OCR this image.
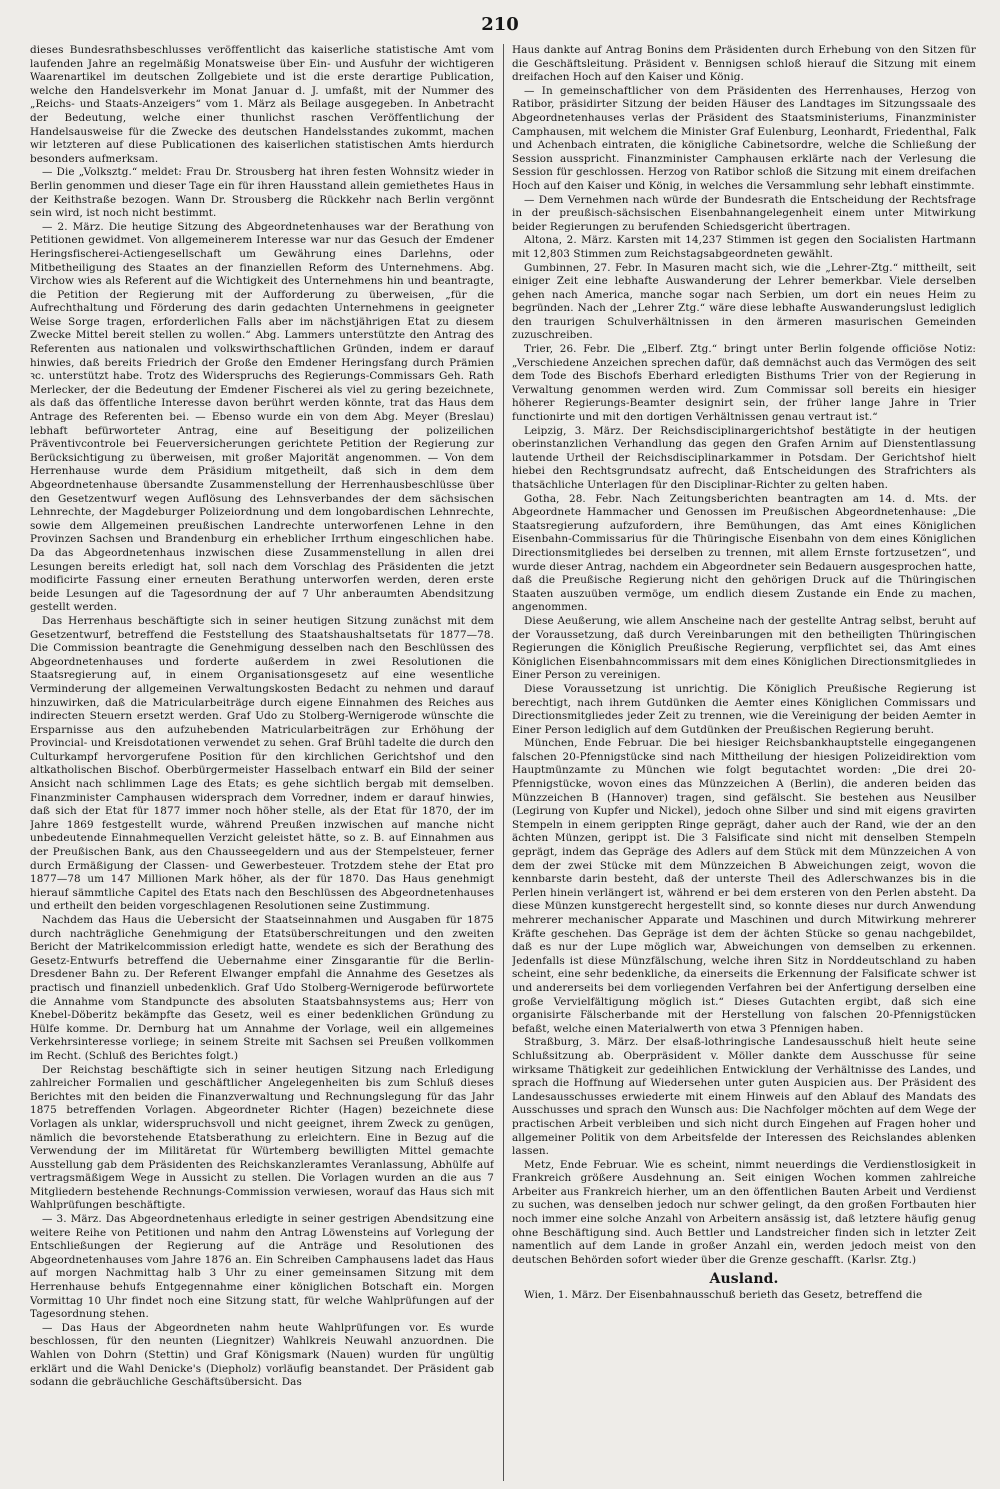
210

dieses Bundesrathsbeschlusses veröffentlicht das kaiserliche statistische Amt vom laufenden Jahre an regelmäßig Monatsweise über Ein- und Ausfuhr der wichtigeren Waarenartikel im deutschen Zollgebiete und ist die erste derartige Publication, welche den Handelsverkehr im Monat Januar d. J. umfaßt, mit der Nummer des „Reichs- und Staats-Anzeigers“ vom 1. März als Beilage ausgegeben. In Anbetracht der Bedeutung, welche einer thunlichst raschen Veröffentlichung der Handelsausweise für die Zwecke des deutschen Handelsstandes zukommt, machen wir letzteren auf diese Publicationen des kaiserlichen statistischen Amts hierdurch besonders aufmerksam.

— Die „Volksztg.“ meldet: Frau Dr. Strousberg hat ihren festen Wohnsitz wieder in Berlin genommen und dieser Tage ein für ihren Hausstand allein gemiethetes Haus in der Keithstraße bezogen. Wann Dr. Strousberg die Rückkehr nach Berlin vergönnt sein wird, ist noch nicht bestimmt.

— 2. März. Die heutige Sitzung des Abgeordnetenhauses war der Berathung von Petitionen gewidmet. Von allgemeinerem Interesse war nur das Gesuch der Emdener Heringsfischerei-Actiengesellschaft um Gewährung eines Darlehns, oder Mitbetheiligung des Staates an der finanziellen Reform des Unternehmens. Abg. Virchow wies als Referent auf die Wichtigkeit des Unternehmens hin und beantragte, die Petition der Regierung mit der Aufforderung zu überweisen, „für die Aufrechthaltung und Förderung des darin gedachten Unternehmens in geeigneter Weise Sorge tragen, erforderlichen Falls aber im nächstjährigen Etat zu diesem Zwecke Mittel bereit stellen zu wollen.“ Abg. Lammers unterstützte den Antrag des Referenten aus nationalen und volkswirthschaftlichen Gründen, indem er darauf hinwies, daß bereits Friedrich der Große den Emdener Heringsfang durch Prämien ꝛc. unterstützt habe. Trotz des Widerspruchs des Regierungs-Commissars Geh. Rath Merlecker, der die Bedeutung der Emdener Fischerei als viel zu gering bezeichnete, als daß das öffentliche Interesse davon berührt werden könnte, trat das Haus dem Antrage des Referenten bei. — Ebenso wurde ein von dem Abg. Meyer (Breslau) lebhaft befürworteter Antrag, eine auf Beseitigung der polizeilichen Präventivcontrole bei Feuerversicherungen gerichtete Petition der Regierung zur Berücksichtigung zu überweisen, mit großer Majorität angenommen. — Von dem Herrenhause wurde dem Präsidium mitgetheilt, daß sich in dem dem Abgeordnetenhause übersandte Zusammenstellung der Herrenhausbeschlüsse über den Gesetzentwurf wegen Auflösung des Lehnsverbandes der dem sächsischen Lehnrechte, der Magdeburger Polizeiordnung und dem longobardischen Lehnrechte, sowie dem Allgemeinen preußischen Landrechte unterworfenen Lehne in den Provinzen Sachsen und Brandenburg ein erheblicher Irrthum eingeschlichen habe. Da das Abgeordnetenhaus inzwischen diese Zusammenstellung in allen drei Lesungen bereits erledigt hat, soll nach dem Vorschlag des Präsidenten die jetzt modificirte Fassung einer erneuten Berathung unterworfen werden, deren erste beide Lesungen auf die Tagesordnung der auf 7 Uhr anberaumten Abendsitzung gestellt werden.

Das Herrenhaus beschäftigte sich in seiner heutigen Sitzung zunächst mit dem Gesetzentwurf, betreffend die Feststellung des Staatshaushaltsetats für 1877—78. Die Commission beantragte die Genehmigung desselben nach den Beschlüssen des Abgeordnetenhauses und forderte außerdem in zwei Resolutionen die Staatsregierung auf, in einem Organisationsgesetz auf eine wesentliche Verminderung der allgemeinen Verwaltungskosten Bedacht zu nehmen und darauf hinzuwirken, daß die Matricularbeiträge durch eigene Einnahmen des Reiches aus indirecten Steuern ersetzt werden. Graf Udo zu Stolberg-Wernigerode wünschte die Ersparnisse aus den aufzuhebenden Matricularbeiträgen zur Erhöhung der Provincial- und Kreisdotationen verwendet zu sehen. Graf Brühl tadelte die durch den Culturkampf hervorgerufene Position für den kirchlichen Gerichtshof und den altkatholischen Bischof. Oberbürgermeister Hasselbach entwarf ein Bild der seiner Ansicht nach schlimmen Lage des Etats; es gehe sichtlich bergab mit demselben. Finanzminister Camphausen widersprach dem Vorredner, indem er darauf hinwies, daß sich der Etat für 1877 immer noch höher stelle, als der Etat für 1870, der im Jahre 1869 festgestellt wurde, während Preußen inzwischen auf manche nicht unbedeutende Einnahmequellen Verzicht geleistet hätte, so z. B. auf Einnahmen aus der Preußischen Bank, aus den Chausseegeldern und aus der Stempelsteuer, ferner durch Ermäßigung der Classen- und Gewerbesteuer. Trotzdem stehe der Etat pro 1877—78 um 147 Millionen Mark höher, als der für 1870. Das Haus genehmigt hierauf sämmtliche Capitel des Etats nach den Beschlüssen des Abgeordnetenhauses und ertheilt den beiden vorgeschlagenen Resolutionen seine Zustimmung.

Nachdem das Haus die Uebersicht der Staatseinnahmen und Ausgaben für 1875 durch nachträgliche Genehmigung der Etatsüberschreitungen und den zweiten Bericht der Matrikelcommission erledigt hatte, wendete es sich der Berathung des Gesetz-Entwurfs betreffend die Uebernahme einer Zinsgarantie für die Berlin-Dresdener Bahn zu. Der Referent Elwanger empfahl die Annahme des Gesetzes als practisch und finanziell unbedenklich. Graf Udo Stolberg-Wernigerode befürwortete die Annahme vom Standpuncte des absoluten Staatsbahnsystems aus; Herr von Knebel-Döberitz bekämpfte das Gesetz, weil es einer bedenklichen Gründung zu Hülfe komme. Dr. Dernburg hat um Annahme der Vorlage, weil ein allgemeines Verkehrsinteresse vorliege; in seinem Streite mit Sachsen sei Preußen vollkommen im Recht. (Schluß des Berichtes folgt.)

Der Reichstag beschäftigte sich in seiner heutigen Sitzung nach Erledigung zahlreicher Formalien und geschäftlicher Angelegenheiten bis zum Schluß dieses Berichtes mit den beiden die Finanzverwaltung und Rechnungslegung für das Jahr 1875 betreffenden Vorlagen. Abgeordneter Richter (Hagen) bezeichnete diese Vorlagen als unklar, widerspruchsvoll und nicht geeignet, ihrem Zweck zu genügen, nämlich die bevorstehende Etatsberathung zu erleichtern. Eine in Bezug auf die Verwendung der im Militäretat für Würtemberg bewilligten Mittel gemachte Ausstellung gab dem Präsidenten des Reichskanzleramtes Veranlassung, Abhülfe auf vertragsmäßigem Wege in Aussicht zu stellen. Die Vorlagen wurden an die aus 7 Mitgliedern bestehende Rechnungs-Commission verwiesen, worauf das Haus sich mit Wahlprüfungen beschäftigte.

— 3. März. Das Abgeordnetenhaus erledigte in seiner gestrigen Abendsitzung eine weitere Reihe von Petitionen und nahm den Antrag Löwensteins auf Vorlegung der Entschließungen der Regierung auf die Anträge und Resolutionen des Abgeordnetenhauses vom Jahre 1876 an. Ein Schreiben Camphausens ladet das Haus auf morgen Nachmittag halb 3 Uhr zu einer gemeinsamen Sitzung mit dem Herrenhause behufs Entgegennahme einer königlichen Botschaft ein. Morgen Vormittag 10 Uhr findet noch eine Sitzung statt, für welche Wahlprüfungen auf der Tagesordnung stehen.

— Das Haus der Abgeordneten nahm heute Wahlprüfungen vor. Es wurde beschlossen, für den neunten (Liegnitzer) Wahlkreis Neuwahl anzuordnen. Die Wahlen von Dohrn (Stettin) und Graf Königsmark (Nauen) wurden für ungültig erklärt und die Wahl Denicke's (Diepholz) vorläufig beanstandet. Der Präsident gab sodann die gebräuchliche Geschäftsübersicht. Das

Haus dankte auf Antrag Bonins dem Präsidenten durch Erhebung von den Sitzen für die Geschäftsleitung. Präsident v. Bennigsen schloß hierauf die Sitzung mit einem dreifachen Hoch auf den Kaiser und König.

— In gemeinschaftlicher von dem Präsidenten des Herrenhauses, Herzog von Ratibor, präsidirter Sitzung der beiden Häuser des Landtages im Sitzungssaale des Abgeordnetenhauses verlas der Präsident des Staatsministeriums, Finanzminister Camphausen, mit welchem die Minister Graf Eulenburg, Leonhardt, Friedenthal, Falk und Achenbach eintraten, die königliche Cabinetsordre, welche die Schließung der Session ausspricht. Finanzminister Camphausen erklärte nach der Verlesung die Session für geschlossen. Herzog von Ratibor schloß die Sitzung mit einem dreifachen Hoch auf den Kaiser und König, in welches die Versammlung sehr lebhaft einstimmte.

— Dem Vernehmen nach würde der Bundesrath die Entscheidung der Rechtsfrage in der preußisch-sächsischen Eisenbahnangelegenheit einem unter Mitwirkung beider Regierungen zu berufenden Schiedsgericht übertragen.

Altona, 2. März. Karsten mit 14,237 Stimmen ist gegen den Socialisten Hartmann mit 12,803 Stimmen zum Reichstagsabgeordneten gewählt.

Gumbinnen, 27. Febr. In Masuren macht sich, wie die „Lehrer-Ztg.“ mittheilt, seit einiger Zeit eine lebhafte Auswanderung der Lehrer bemerkbar. Viele derselben gehen nach America, manche sogar nach Serbien, um dort ein neues Heim zu begründen. Nach der „Lehrer Ztg.“ wäre diese lebhafte Auswanderungslust lediglich den traurigen Schulverhältnissen in den ärmeren masurischen Gemeinden zuzuschreiben.

Trier, 26. Febr. Die „Elberf. Ztg.“ bringt unter Berlin folgende officiöse Notiz: „Verschiedene Anzeichen sprechen dafür, daß demnächst auch das Vermögen des seit dem Tode des Bischofs Eberhard erledigten Bisthums Trier von der Regierung in Verwaltung genommen werden wird. Zum Commissar soll bereits ein hiesiger höherer Regierungs-Beamter designirt sein, der früher lange Jahre in Trier functionirte und mit den dortigen Verhältnissen genau vertraut ist.“

Leipzig, 3. März. Der Reichsdisciplinargerichtshof bestätigte in der heutigen oberinstanzlichen Verhandlung das gegen den Grafen Arnim auf Dienstentlassung lautende Urtheil der Reichsdisciplinarkammer in Potsdam. Der Gerichtshof hielt hiebei den Rechtsgrundsatz aufrecht, daß Entscheidungen des Strafrichters als thatsächliche Unterlagen für den Disciplinar-Richter zu gelten haben.

Gotha, 28. Febr. Nach Zeitungsberichten beantragten am 14. d. Mts. der Abgeordnete Hammacher und Genossen im Preußischen Abgeordnetenhause: „Die Staatsregierung aufzufordern, ihre Bemühungen, das Amt eines Königlichen Eisenbahn-Commissarius für die Thüringische Eisenbahn von dem eines Königlichen Directionsmitgliedes bei derselben zu trennen, mit allem Ernste fortzusetzen“, und wurde dieser Antrag, nachdem ein Abgeordneter sein Bedauern ausgesprochen hatte, daß die Preußische Regierung nicht den gehörigen Druck auf die Thüringischen Staaten auszuüben vermöge, um endlich diesem Zustande ein Ende zu machen, angenommen.

Diese Aeußerung, wie allem Anscheine nach der gestellte Antrag selbst, beruht auf der Voraussetzung, daß durch Vereinbarungen mit den betheiligten Thüringischen Regierungen die Königlich Preußische Regierung, verpflichtet sei, das Amt eines Königlichen Eisenbahncommissars mit dem eines Königlichen Directionsmitgliedes in Einer Person zu vereinigen.

Diese Voraussetzung ist unrichtig. Die Königlich Preußische Regierung ist berechtigt, nach ihrem Gutdünken die Aemter eines Königlichen Commissars und Directionsmitgliedes jeder Zeit zu trennen, wie die Vereinigung der beiden Aemter in Einer Person lediglich auf dem Gutdünken der Preußischen Regierung beruht.

München, Ende Februar. Die bei hiesiger Reichsbankhauptstelle eingegangenen falschen 20-Pfennigstücke sind nach Mittheilung der hiesigen Polizeidirektion vom Hauptmünzamte zu München wie folgt begutachtet worden: „Die drei 20-Pfennigstücke, wovon eines das Münzzeichen A (Berlin), die anderen beiden das Münzzeichen B (Hannover) tragen, sind gefälscht. Sie bestehen aus Neusilber (Legirung von Kupfer und Nickel), jedoch ohne Silber und sind mit eigens gravirten Stempeln in einem gerippten Ringe geprägt, daher auch der Rand, wie der an den ächten Münzen, gerippt ist. Die 3 Falsificate sind nicht mit denselben Stempeln geprägt, indem das Gepräge des Adlers auf dem Stück mit dem Münzzeichen A von dem der zwei Stücke mit dem Münzzeichen B Abweichungen zeigt, wovon die kennbarste darin besteht, daß der unterste Theil des Adlerschwanzes bis in die Perlen hinein verlängert ist, während er bei dem ersteren von den Perlen absteht. Da diese Münzen kunstgerecht hergestellt sind, so konnte dieses nur durch Anwendung mehrerer mechanischer Apparate und Maschinen und durch Mitwirkung mehrerer Kräfte geschehen. Das Gepräge ist dem der ächten Stücke so genau nachgebildet, daß es nur der Lupe möglich war, Abweichungen von demselben zu erkennen. Jedenfalls ist diese Münzfälschung, welche ihren Sitz in Norddeutschland zu haben scheint, eine sehr bedenkliche, da einerseits die Erkennung der Falsificate schwer ist und andererseits bei dem vorliegenden Verfahren bei der Anfertigung derselben eine große Vervielfältigung möglich ist.“ Dieses Gutachten ergibt, daß sich eine organisirte Fälscherbande mit der Herstellung von falschen 20-Pfennigstücken befaßt, welche einen Materialwerth von etwa 3 Pfennigen haben.

Straßburg, 3. März. Der elsaß-lothringische Landesausschuß hielt heute seine Schlußsitzung ab. Oberpräsident v. Möller dankte dem Ausschusse für seine wirksame Thätigkeit zur gedeihlichen Entwicklung der Verhältnisse des Landes, und sprach die Hoffnung auf Wiedersehen unter guten Auspicien aus. Der Präsident des Landesausschusses erwiederte mit einem Hinweis auf den Ablauf des Mandats des Ausschusses und sprach den Wunsch aus: Die Nachfolger möchten auf dem Wege der practischen Arbeit verbleiben und sich nicht durch Eingehen auf Fragen hoher und allgemeiner Politik von dem Arbeitsfelde der Interessen des Reichslandes ablenken lassen.

Metz, Ende Februar. Wie es scheint, nimmt neuerdings die Verdienstlosigkeit in Frankreich größere Ausdehnung an. Seit einigen Wochen kommen zahlreiche Arbeiter aus Frankreich hierher, um an den öffentlichen Bauten Arbeit und Verdienst zu suchen, was denselben jedoch nur schwer gelingt, da den großen Fortbauten hier noch immer eine solche Anzahl von Arbeitern ansässig ist, daß letztere häufig genug ohne Beschäftigung sind. Auch Bettler und Landstreicher finden sich in letzter Zeit namentlich auf dem Lande in großer Anzahl ein, werden jedoch meist von den deutschen Behörden sofort wieder über die Grenze geschafft. (Karlsr. Ztg.)

Ausland.

Wien, 1. März. Der Eisenbahnausschuß berieth das Gesetz, betreffend die
